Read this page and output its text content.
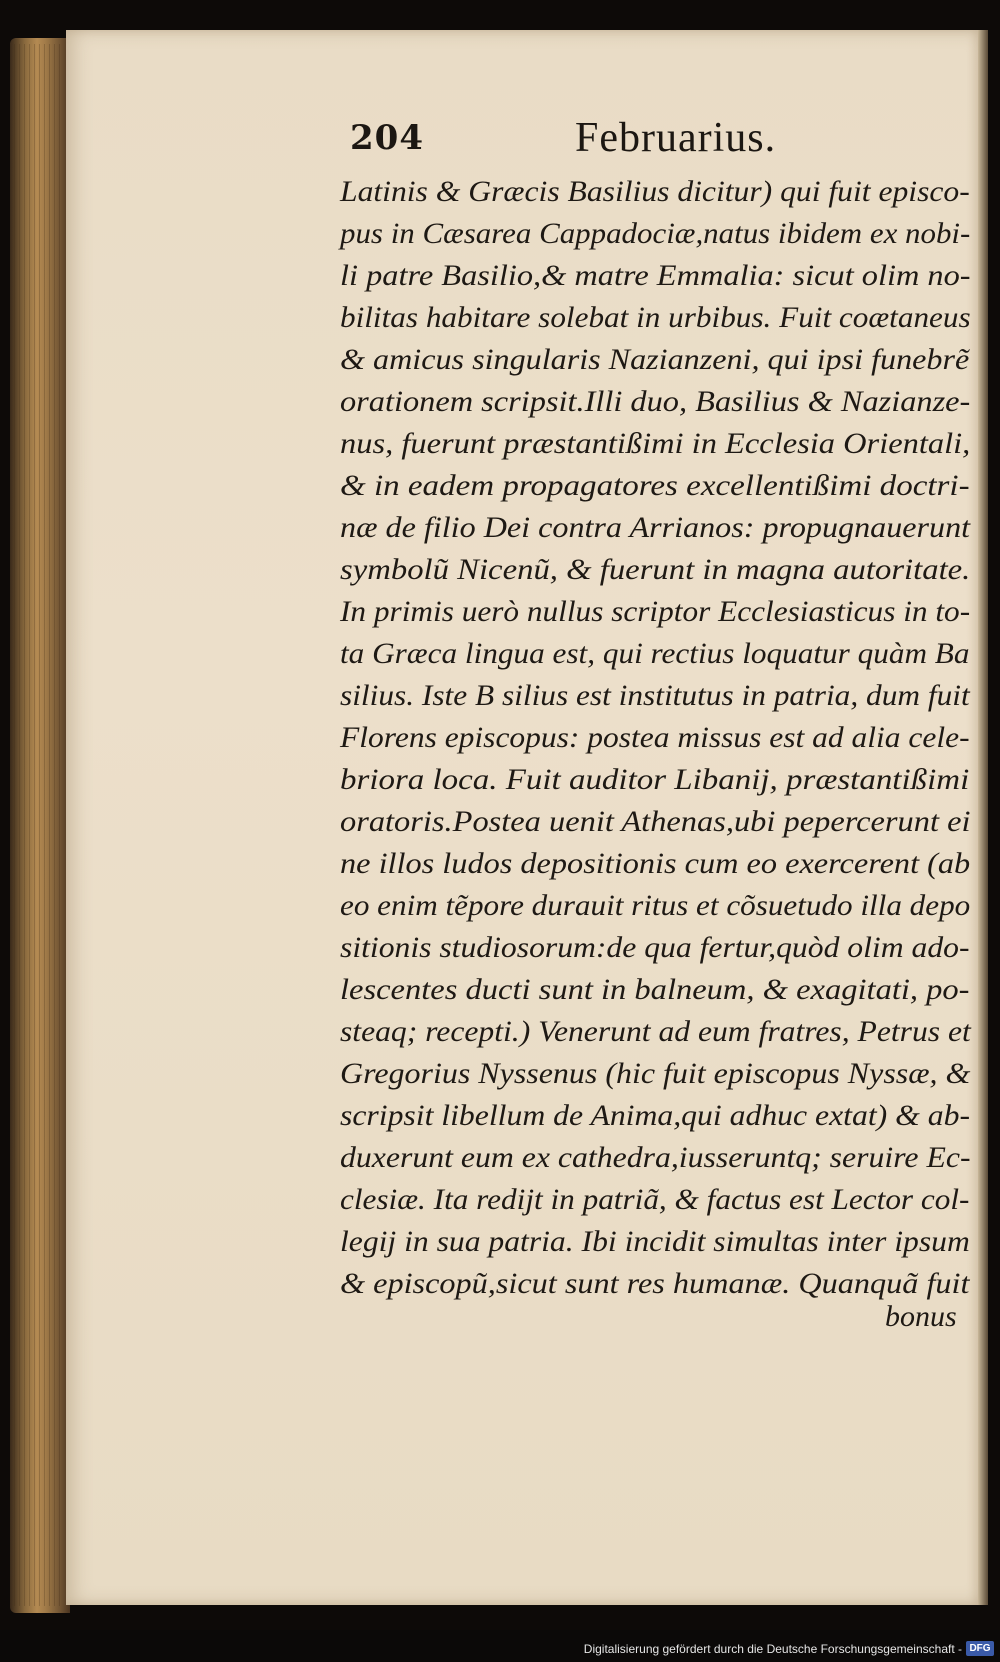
204	Februarius.
Latinis & Græcis Basilius dicitur) qui fuit episco-
pus in Cæsarea Cappadociæ,natus ibidem ex nobi-
li patre Basilio,& matre Emmalia: sicut olim no-
bilitas habitare solebat in urbibus. Fuit coætaneus
& amicus singularis Nazianzeni, qui ipsi funebrẽ
orationem scripsit.Illi duo, Basilius & Nazianze-
nus, fuerunt præstantißimi in Ecclesia Orientali,
& in eadem propagatores excellentißimi doctri-
næ de filio Dei contra Arrianos: propugnauerunt
symbolũ Nicenũ, & fuerunt in magna autoritate.
In primis uerò nullus scriptor Ecclesiasticus in to-
ta Græca lingua est, qui rectius loquatur quàm Ba
silius. Iste B silius est institutus in patria, dum fuit
Florens episcopus: postea missus est ad alia cele-
briora loca. Fuit auditor Libanij, præstantißimi
oratoris.Postea uenit Athenas,ubi pepercerunt ei
ne illos ludos depositionis cum eo exercerent (ab
eo enim tẽpore durauit ritus et cõsuetudo illa depo
sitionis studiosorum:de qua fertur,quòd olim ado-
lescentes ducti sunt in balneum, & exagitati, po-
steaq; recepti.) Venerunt ad eum fratres, Petrus et
Gregorius Nyssenus (hic fuit episcopus Nyssæ, &
scripsit libellum de Anima,qui adhuc extat) & ab-
duxerunt eum ex cathedra,iusseruntq; seruire Ec-
clesiæ. Ita redijt in patriã, & factus est Lector col-
legij in sua patria. Ibi incidit simultas inter ipsum
& episcopũ,sicut sunt res humanæ. Quanquã fuit
bonus
Digitalisierung gefördert durch die Deutsche Forschungsgemeinschaft - DFG
